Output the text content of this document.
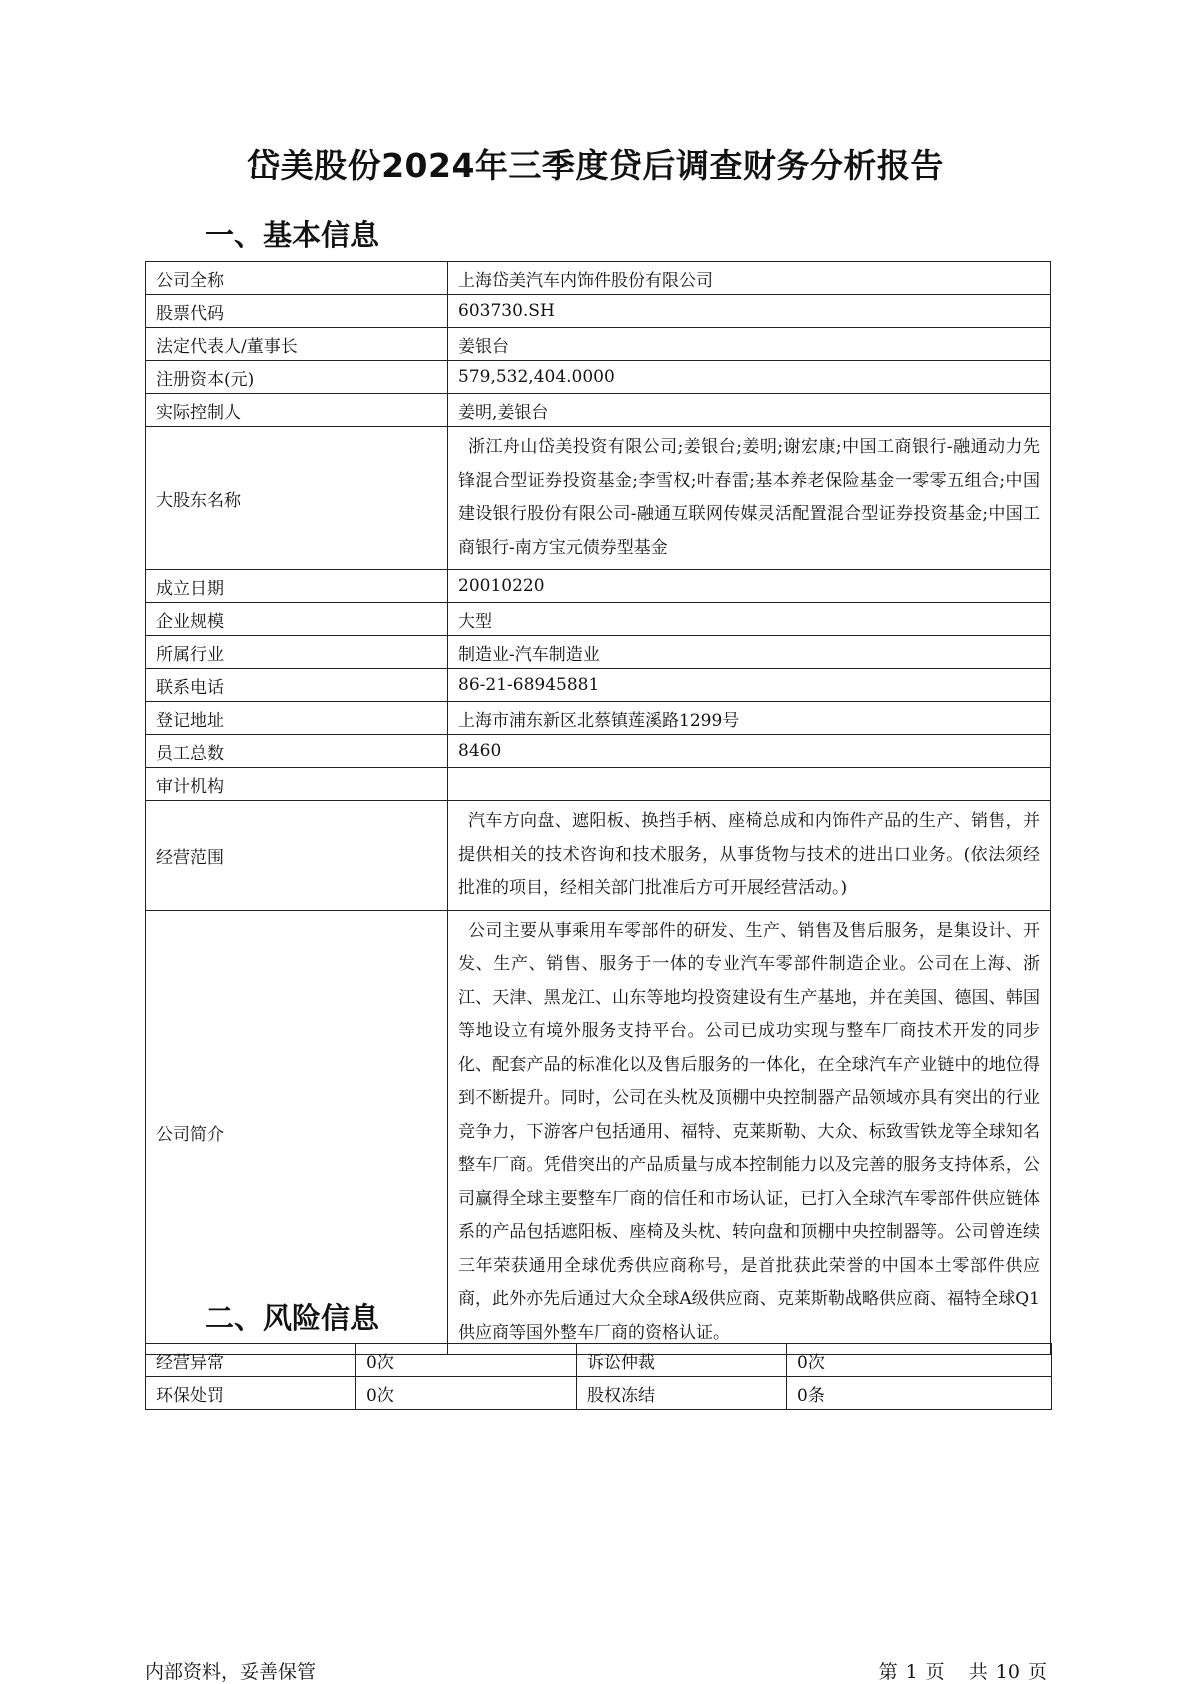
岱美股份2024年三季度贷后调查财务分析报告
一、基本信息
公司全称	上海岱美汽车内饰件股份有限公司
股票代码	603730.SH
法定代表人/董事长	姜银台
注册资本(元)	579,532,404.0000
实际控制人	姜明,姜银台
大股东名称	浙江舟山岱美投资有限公司;姜银台;姜明;谢宏康;中国工商银行-融通动力先锋混合型证券投资基金;李雪权;叶春雷;基本养老保险基金一零零五组合;中国建设银行股份有限公司-融通互联网传媒灵活配置混合型证券投资基金;中国工商银行-南方宝元债券型基金
成立日期	20010220
企业规模	大型
所属行业	制造业-汽车制造业
联系电话	86-21-68945881
登记地址	上海市浦东新区北蔡镇莲溪路1299号
员工总数	8460
审计机构	
经营范围	汽车方向盘、遮阳板、换挡手柄、座椅总成和内饰件产品的生产、销售，并提供相关的技术咨询和技术服务，从事货物与技术的进出口业务。(依法须经批准的项目，经相关部门批准后方可开展经营活动。)
公司简介	公司主要从事乘用车零部件的研发、生产、销售及售后服务，是集设计、开发、生产、销售、服务于一体的专业汽车零部件制造企业。公司在上海、浙江、天津、黑龙江、山东等地均投资建设有生产基地，并在美国、德国、韩国等地设立有境外服务支持平台。公司已成功实现与整车厂商技术开发的同步化、配套产品的标准化以及售后服务的一体化，在全球汽车产业链中的地位得到不断提升。同时，公司在头枕及顶棚中央控制器产品领域亦具有突出的行业竞争力，下游客户包括通用、福特、克莱斯勒、大众、标致雪铁龙等全球知名整车厂商。凭借突出的产品质量与成本控制能力以及完善的服务支持体系，公司赢得全球主要整车厂商的信任和市场认证，已打入全球汽车零部件供应链体系的产品包括遮阳板、座椅及头枕、转向盘和顶棚中央控制器等。公司曾连续三年荣获通用全球优秀供应商称号，是首批获此荣誉的中国本土零部件供应商，此外亦先后通过大众全球A级供应商、克莱斯勒战略供应商、福特全球Q1供应商等国外整车厂商的资格认证。
二、风险信息
经营异常	0次	诉讼仲裁	0次
环保处罚	0次	股权冻结	0条
内部资料，妥善保管	第 1 页 共 10 页
